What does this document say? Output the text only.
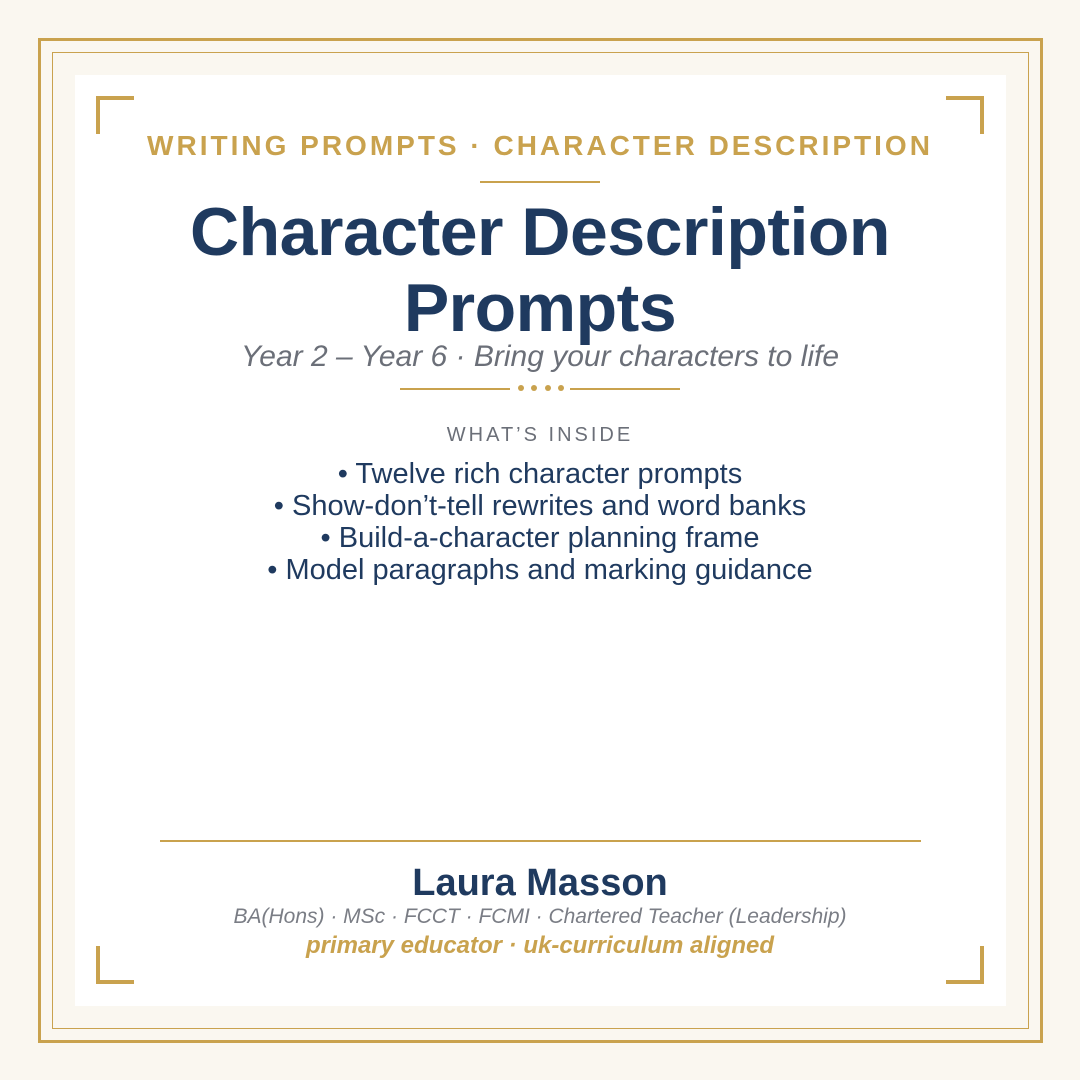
WRITING PROMPTS · CHARACTER DESCRIPTION
Character Description
Prompts
Year 2 – Year 6 · Bring your characters to life
WHAT’S INSIDE
• Twelve rich character prompts
• Show-don’t-tell rewrites and word banks
• Build-a-character planning frame
• Model paragraphs and marking guidance
Laura Masson
BA(Hons) · MSc · FCCT · FCMI · Chartered Teacher (Leadership)
primary educator · uk-curriculum aligned
